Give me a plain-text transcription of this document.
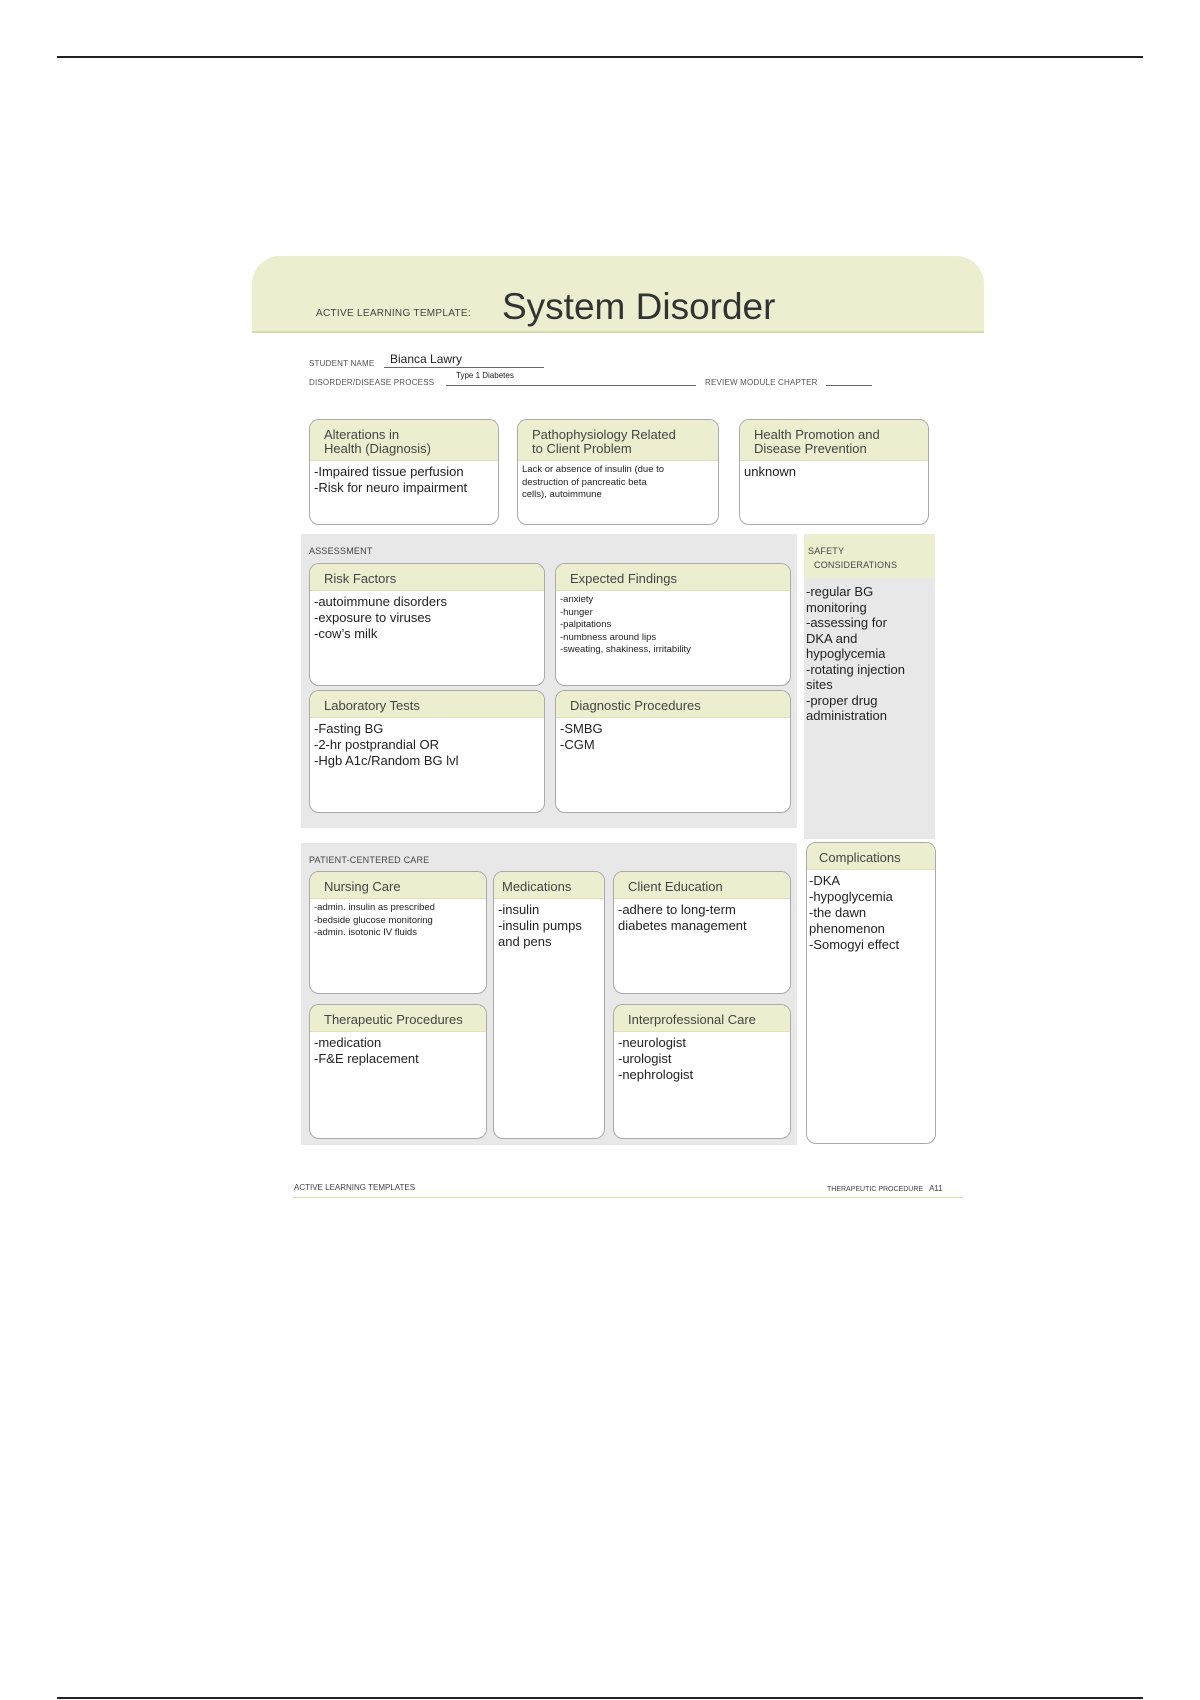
ACTIVE LEARNING TEMPLATE: System Disorder
STUDENT NAME Bianca Lawry
DISORDER/DISEASE PROCESS
Type 1 Diabetes
REVIEW MODULE CHAPTER
Alterations in
Health (Diagnosis)
-Impaired tissue perfusion
-Risk for neuro impairment
Pathophysiology Related
to Client Problem
Lack or absence of insulin (due to
destruction of pancreatic beta
cells), autoimmune
Health Promotion and
Disease Prevention
unknown
ASSESSMENT
Risk Factors
-autoimmune disorders
-exposure to viruses
-cow’s milk
Expected Findings
-anxiety
-hunger
-palpitations
-numbness around lips
-sweating, shakiness, irritability
Laboratory Tests
-Fasting BG
-2-hr postprandial OR
-Hgb A1c/Random BG lvl
Diagnostic Procedures
-SMBG
-CGM
SAFETY
CONSIDERATIONS
-regular BG
monitoring
-assessing for
DKA and
hypoglycemia
-rotating injection
sites
-proper drug
administration
PATIENT-CENTERED CARE
Nursing Care
-admin. insulin as prescribed
-bedside glucose monitoring
-admin. isotonic IV fluids
Medications
-insulin
-insulin pumps
and pens
Client Education
-adhere to long-term
diabetes management
Therapeutic Procedures
-medication
-F&E replacement
Interprofessional Care
-neurologist
-urologist
-nephrologist
Complications
-DKA
-hypoglycemia
-the dawn
phenomenon
-Somogyi effect
ACTIVE LEARNING TEMPLATES	THERAPEUTIC PROCEDURE A11
